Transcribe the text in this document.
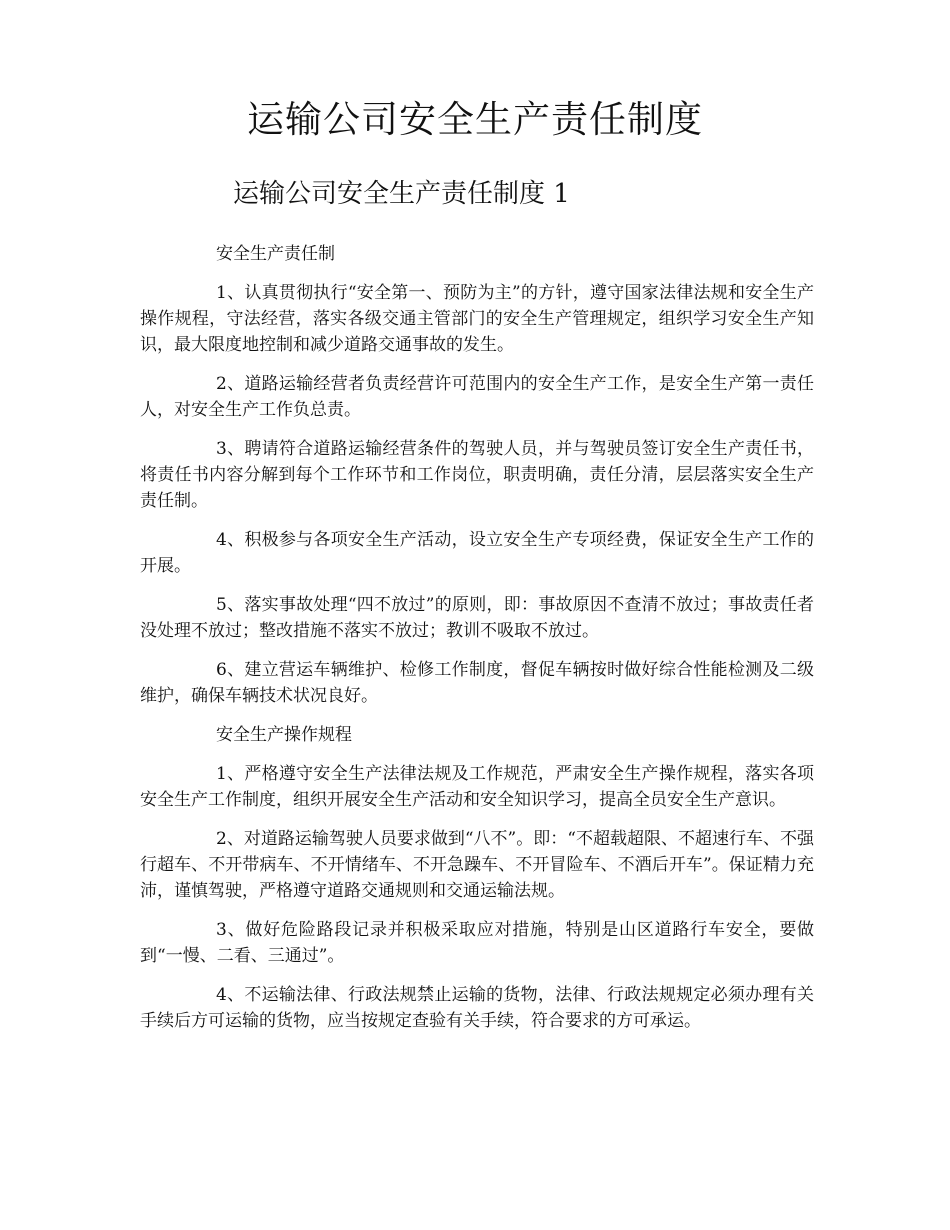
运输公司安全生产责任制度
运输公司安全生产责任制度 1

安全生产责任制

1、认真贯彻执行“安全第一、预防为主”的方针，遵守国家法律法规和安全生产操作规程，守法经营，落实各级交通主管部门的安全生产管理规定，组织学习安全生产知识，最大限度地控制和减少道路交通事故的发生。

2、道路运输经营者负责经营许可范围内的安全生产工作，是安全生产第一责任人，对安全生产工作负总责。

3、聘请符合道路运输经营条件的驾驶人员，并与驾驶员签订安全生产责任书，将责任书内容分解到每个工作环节和工作岗位，职责明确，责任分清，层层落实安全生产责任制。

4、积极参与各项安全生产活动，设立安全生产专项经费，保证安全生产工作的开展。

5、落实事故处理“四不放过”的原则，即：事故原因不查清不放过；事故责任者没处理不放过；整改措施不落实不放过；教训不吸取不放过。

6、建立营运车辆维护、检修工作制度，督促车辆按时做好综合性能检测及二级维护，确保车辆技术状况良好。

安全生产操作规程

1、严格遵守安全生产法律法规及工作规范，严肃安全生产操作规程，落实各项安全生产工作制度，组织开展安全生产活动和安全知识学习，提高全员安全生产意识。

2、对道路运输驾驶人员要求做到“八不”。即：“不超载超限、不超速行车、不强行超车、不开带病车、不开情绪车、不开急躁车、不开冒险车、不酒后开车”。保证精力充沛，谨慎驾驶，严格遵守道路交通规则和交通运输法规。

3、做好危险路段记录并积极采取应对措施，特别是山区道路行车安全，要做到“一慢、二看、三通过”。

4、不运输法律、行政法规禁止运输的货物，法律、行政法规规定必须办理有关手续后方可运输的货物，应当按规定查验有关手续，符合要求的方可承运。
